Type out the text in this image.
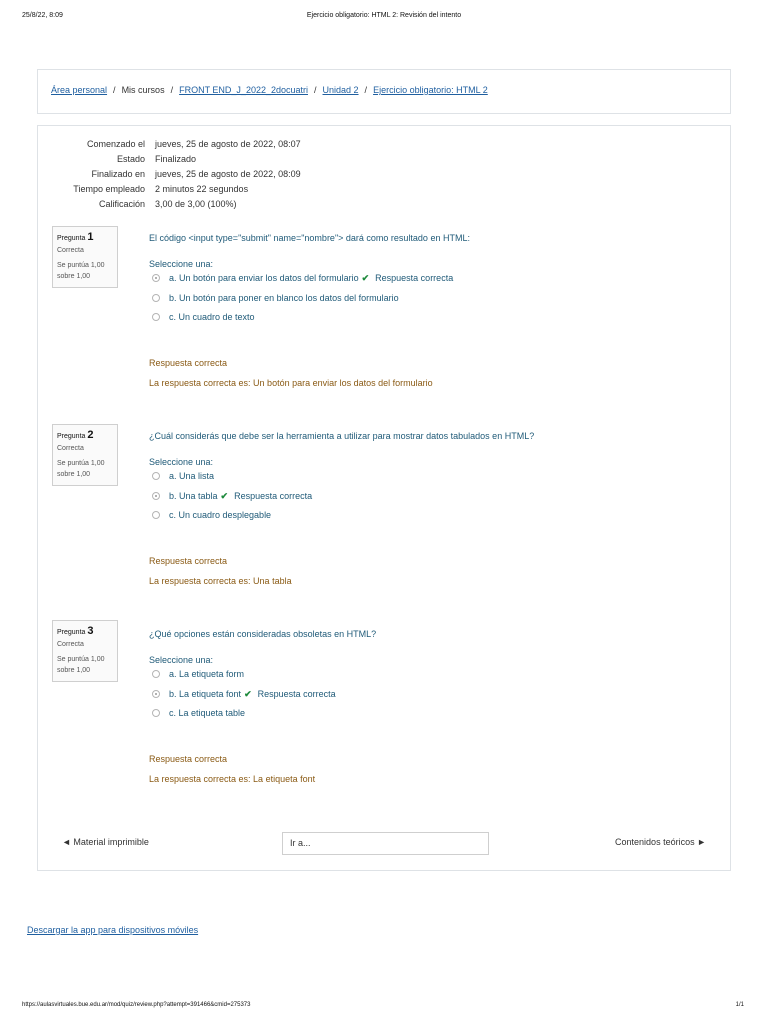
25/8/22, 8:09	Ejercicio obligatorio: HTML 2: Revisión del intento
Área personal / Mis cursos / FRONT END_J_2022_2docuatri / Unidad 2 / Ejercicio obligatorio: HTML 2
Comenzado el jueves, 25 de agosto de 2022, 08:07
Estado Finalizado
Finalizado en jueves, 25 de agosto de 2022, 08:09
Tiempo empleado 2 minutos 22 segundos
Calificación 3,00 de 3,00 (100%)
Pregunta 1
Correcta
Se puntúa 1,00
sobre 1,00
El código <input type="submit" name="nombre"> dará como resultado en HTML:
Seleccione una:
a. Un botón para enviar los datos del formulario ✔ Respuesta correcta
b. Un botón para poner en blanco los datos del formulario
c. Un cuadro de texto
Respuesta correcta
La respuesta correcta es: Un botón para enviar los datos del formulario
Pregunta 2
Correcta
Se puntúa 1,00
sobre 1,00
¿Cuál considerás que debe ser la herramienta a utilizar para mostrar datos tabulados en HTML?
Seleccione una:
a. Una lista
b. Una tabla ✔ Respuesta correcta
c. Un cuadro desplegable
Respuesta correcta
La respuesta correcta es: Una tabla
Pregunta 3
Correcta
Se puntúa 1,00
sobre 1,00
¿Qué opciones están consideradas obsoletas en HTML?
Seleccione una:
a. La etiqueta form
b. La etiqueta font ✔ Respuesta correcta
c. La etiqueta table
Respuesta correcta
La respuesta correcta es: La etiqueta font
◄ Material imprimible	Ir a...	Contenidos teóricos ►
Descargar la app para dispositivos móviles
https://aulasvirtuales.bue.edu.ar/mod/quiz/review.php?attempt=391466&cmid=275373	1/1
